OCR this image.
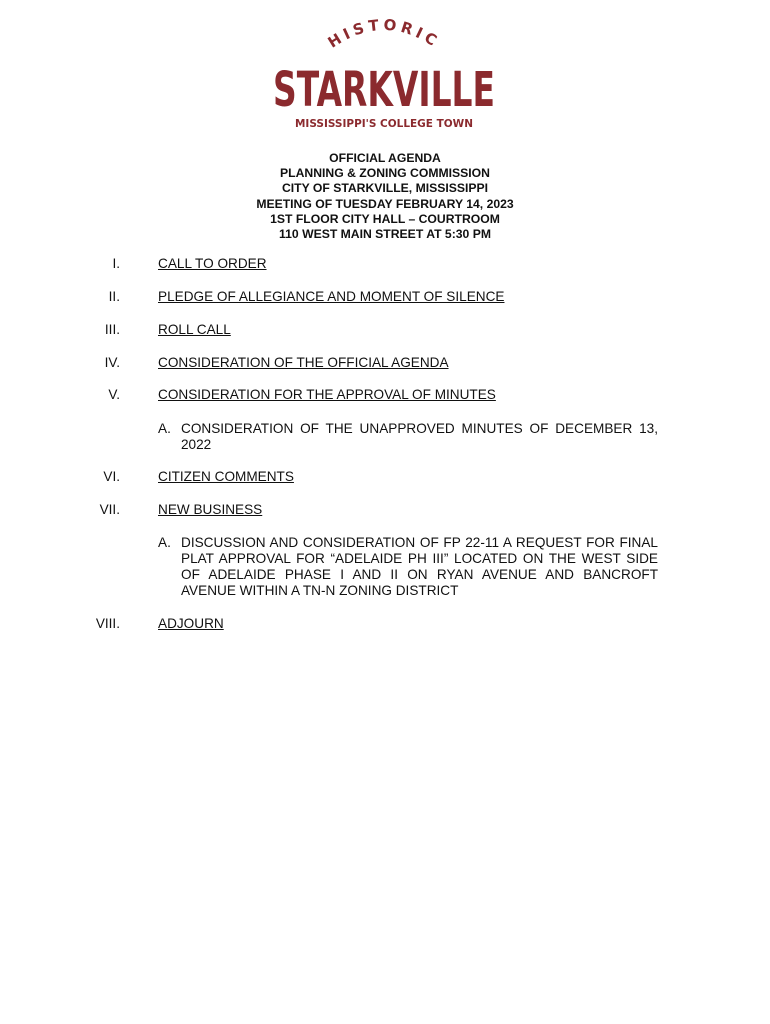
HISTORIC
STARKVILLE
MISSISSIPPI'S COLLEGE TOWN
OFFICIAL AGENDA
PLANNING & ZONING COMMISSION
CITY OF STARKVILLE, MISSISSIPPI
MEETING OF TUESDAY FEBRUARY 14, 2023
1ST FLOOR CITY HALL – COURTROOM
110 WEST MAIN STREET AT 5:30 PM
I.	CALL TO ORDER
II.	PLEDGE OF ALLEGIANCE AND MOMENT OF SILENCE
III.	ROLL CALL
IV.	CONSIDERATION OF THE OFFICIAL AGENDA
V.	CONSIDERATION FOR THE APPROVAL OF MINUTES
A. CONSIDERATION OF THE UNAPPROVED MINUTES OF DECEMBER 13, 2022
VI.	CITIZEN COMMENTS
VII.	NEW BUSINESS
A. DISCUSSION AND CONSIDERATION OF FP 22-11 A REQUEST FOR FINAL PLAT APPROVAL FOR “ADELAIDE PH III” LOCATED ON THE WEST SIDE OF ADELAIDE PHASE I AND II ON RYAN AVENUE AND BANCROFT AVENUE WITHIN A TN-N ZONING DISTRICT
VIII.	ADJOURN
